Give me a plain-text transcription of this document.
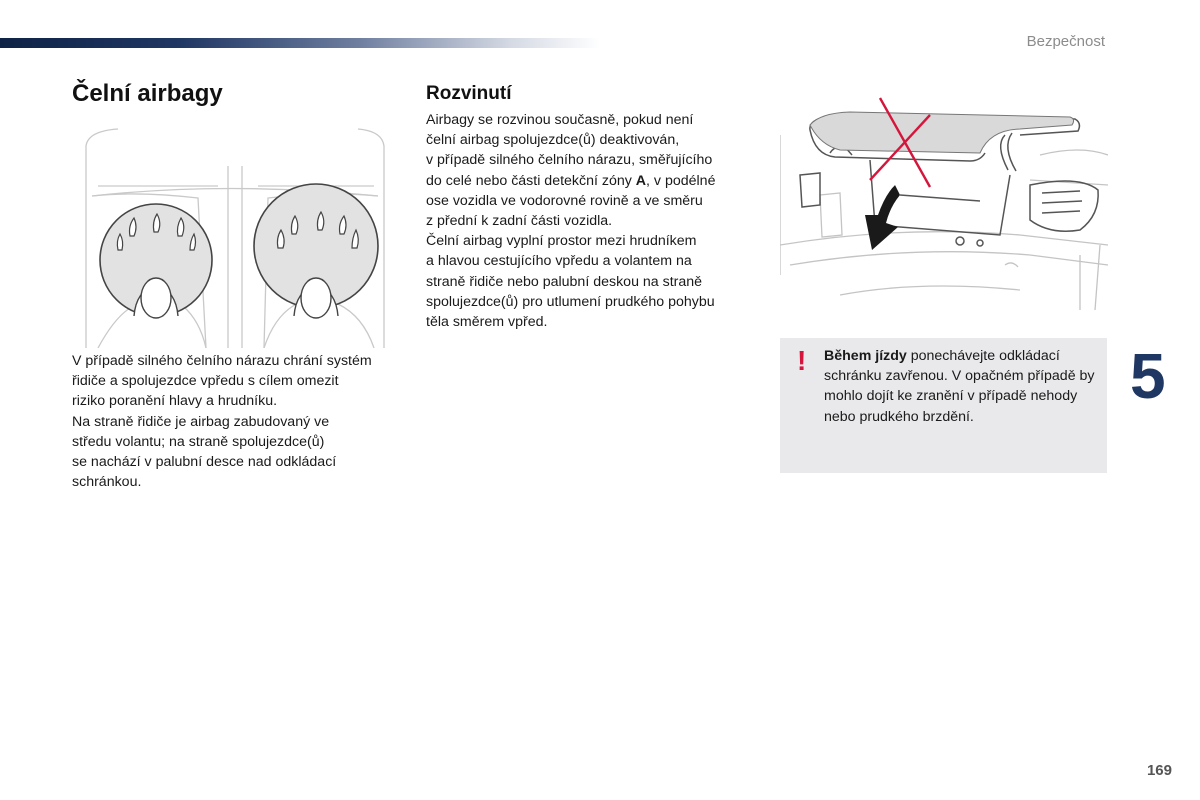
Bezpečnost
Čelní airbagy
V případě silného čelního nárazu chrání systém
řidiče a spolujezdce vpředu s cílem omezit
riziko poranění hlavy a hrudníku.
Na straně řidiče je airbag zabudovaný ve
středu volantu; na straně spolujezdce(ů)
se nachází v palubní desce nad odkládací
schránkou.
Rozvinutí
Airbagy se rozvinou současně, pokud není
čelní airbag spolujezdce(ů) deaktivován,
v případě silného čelního nárazu, směřujícího
do celé nebo části detekční zóny A, v podélné
ose vozidla ve vodorovné rovině a ve směru
z přední k zadní části vozidla.
Čelní airbag vyplní prostor mezi hrudníkem
a hlavou cestujícího vpředu a volantem na
straně řidiče nebo palubní deskou na straně
spolujezdce(ů) pro utlumení prudkého pohybu
těla směrem vpřed.
! Během jízdy ponechávejte odkládací schránku zavřenou. V opačném případě by mohlo dojít ke zranění v případě nehody nebo prudkého brzdění.
5
169
